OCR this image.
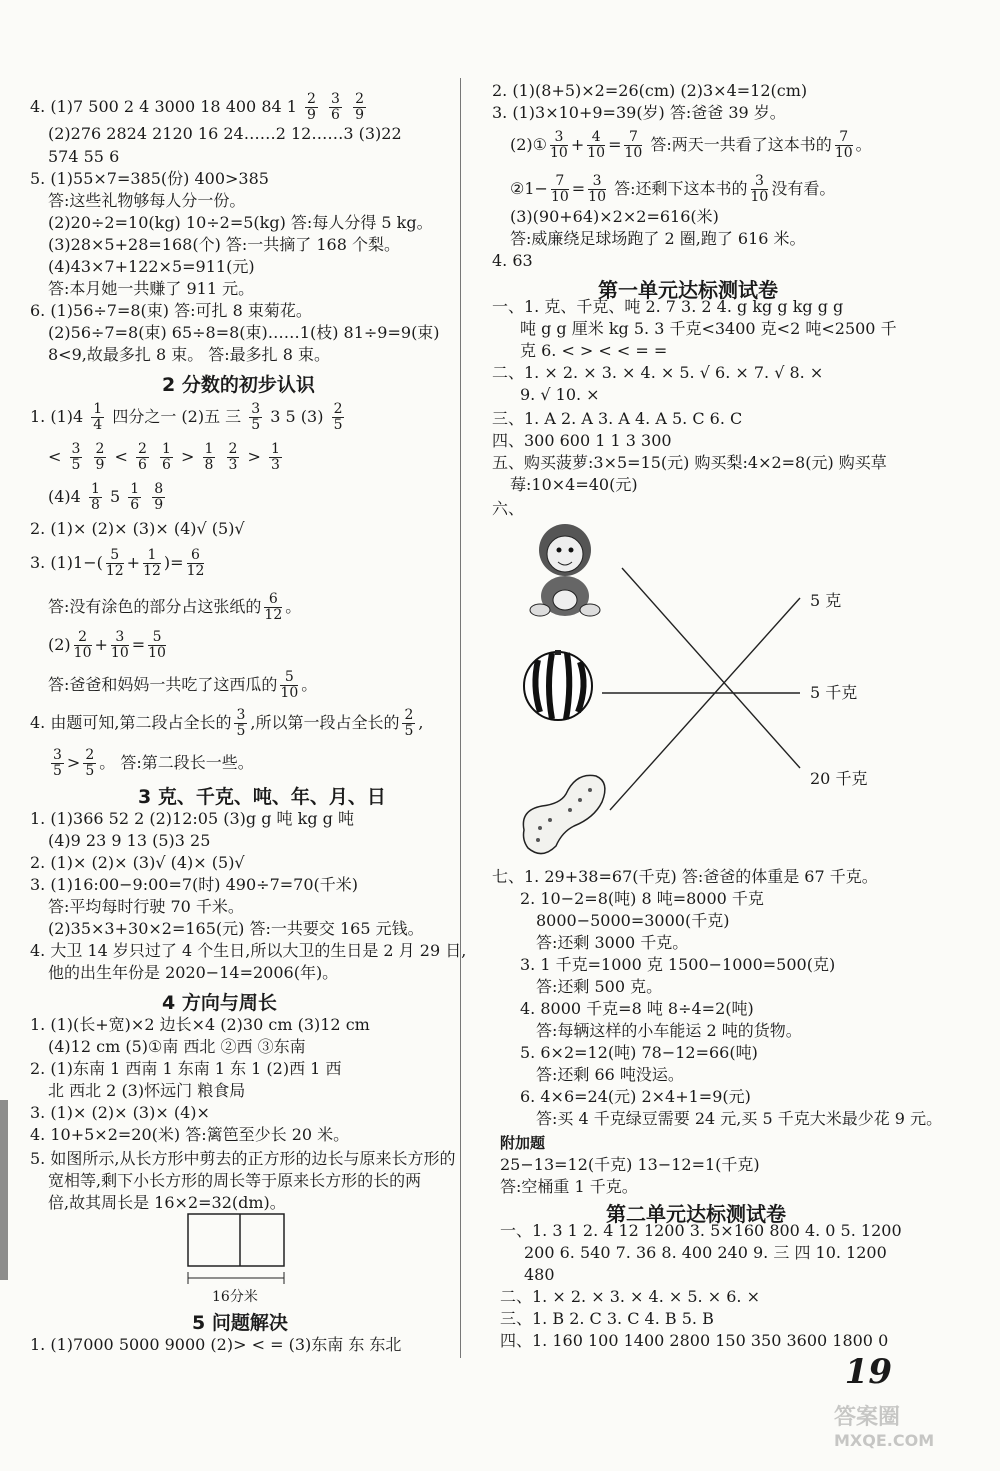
4. (1)7 500 2 4 3000 18 400 84 $1 \frac{2}{9}$
$\frac{3}{6}$
$\frac{2}{9}$
(2)276 2824 2120 16 24……2 12……3 (3)22
574 55 6
5. (1)55×7=385(份) 400>385
答:这些礼物够每人分一份。
(2)20÷2=10(kg) 10÷2=5(kg) 答:每人分得 5 kg。
(3)28×5+28=168(个) 答:一共摘了 168 个梨。
(4)43×7+122×5=911(元)
答:本月她一共赚了 911 元。
6. (1)56÷7=8(束) 答:可扎 8 束菊花。
(2)56÷7=8(束) 65÷8=8(束)……1(枝) 81÷9=9(束)
8<9,故最多扎 8 束。 答:最多扎 8 束。
2 分数的初步认识
1. $(1)4 \frac{1}{4}$ 四分之一 (2)五 三 $\frac{3}{5} 3$ 5 $(3) \frac{2}{5}$
< $\frac{3}{5}$
$\frac{2}{9} < \frac{2}{6}$
$\frac{1}{6} > \frac{1}{8}$
$\frac{2}{3} > \frac{1}{3}$
$(4)4 \frac{1}{8} 5 \frac{1}{6}$
$\frac{8}{9}$
2. (1)× (2)× (3)× (4)√ (5)√
3. $(1)1-( \frac{5}{12} + \frac{1}{12}$ )= $\frac{6}{12}$
答:没有涂色的部分占这张纸的 $\frac{6}{12}$ 。
$(2) \frac{2}{10} + \frac{3}{10} = \frac{5}{10}$
答:爸爸和妈妈一共吃了这西瓜的 $\frac{5}{10}$ 。
4. 由题可知,第二段占全长的 $\frac{3}{5}$ ,所以第一段占全长的 $\frac{2}{5}$ ,
$\frac{3}{5} > \frac{2}{5}$ 。 答:第二段长一些。
3 克、千克、吨、年、月、日
1. (1)366 52 2 (2)12:05 (3)g g 吨 kg g 吨
(4)9 23 9 13 (5)3 25
2. (1)× (2)× (3)√ (4)× (5)√
3. (1)16:00−9:00=7(时) 490÷7=70(千米)
答:平均每时行驶 70 千米。
(2)35×3+30×2=165(元) 答:一共要交 165 元钱。
4. 大卫 14 岁只过了 4 个生日,所以大卫的生日是 2 月 29 日,
他的出生年份是 2020−14=2006(年)。
4 方向与周长
1. (1)(长+宽)×2 边长×4 (2)30 cm (3)12 cm
(4)12 cm (5)①南 西北 ②西 ③东南
2. (1)东南 1 西南 1 东南 1 东 1 (2)西 1 西
北 西北 2 (3)怀远门 粮食局
3. (1)× (2)× (3)× (4)×
4. 10+5×2=20(米) 答:篱笆至少长 20 米。
5. 如图所示,从长方形中剪去的正方形的边长与原来长方形的
宽相等,剩下小长方形的周长等于原来长方形的长的两
倍,故其周长是 16×2=32(dm)。
16分米
5 问题解决
1. (1)7000 5000 9000 (2)> < = (3)东南 东 东北
2. (1)(8+5)×2=26(cm) (2)3×4=12(cm)
3. (1)3×10+9=39(岁) 答:爸爸 39 岁。
(2)① $\frac{3}{10} + \frac{4}{10} = \frac{7}{10}$ 答:两天一共看了这本书的 $\frac{7}{10}$ 。
②1− $\frac{7}{10} = \frac{3}{10}$ 答:还剩下这本书的 $\frac{3}{10}$ 没有看。
(3)(90+64)×2×2=616(米)
答:威廉绕足球场跑了 2 圈,跑了 616 米。
4. 63
第一单元达标测试卷
一、1. 克、千克、吨 2. 7 3. 2 4. g kg g kg g g
吨 g g 厘米 kg 5. 3 千克<3400 克<2 吨<2500 千
克 6. < > < < = =
二、1. × 2. × 3. × 4. × 5. √ 6. × 7. √ 8. ×
9. √ 10. ×
三、1. A 2. A 3. A 4. A 5. C 6. C
四、300 600 1 1 3 300
五、购买菠萝:3×5=15(元) 购买梨:4×2=8(元) 购买草
莓:10×4=40(元)
六、
5 克
5 千克
20 千克
七、1. 29+38=67(千克) 答:爸爸的体重是 67 千克。
2. 10−2=8(吨) 8 吨=8000 千克
8000−5000=3000(千克)
答:还剩 3000 千克。
3. 1 千克=1000 克 1500−1000=500(克)
答:还剩 500 克。
4. 8000 千克=8 吨 8÷4=2(吨)
答:每辆这样的小车能运 2 吨的货物。
5. 6×2=12(吨) 78−12=66(吨)
答:还剩 66 吨没运。
6. 4×6=24(元) 2×4+1=9(元)
答:买 4 千克绿豆需要 24 元,买 5 千克大米最少花 9 元。
附加题
25−13=12(千克) 13−12=1(千克)
答:空桶重 1 千克。
第二单元达标测试卷
一、1. 3 1 2. 4 12 1200 3. 5×160 800 4. 0 5. 1200
200 6. 540 7. 36 8. 400 240 9. 三 四 10. 1200
480
二、1. × 2. × 3. × 4. × 5. × 6. ×
三、1. B 2. C 3. C 4. B 5. B
四、1. 160 100 1400 2800 150 350 3600 1800 0
19
答案圈
MXQE.COM
